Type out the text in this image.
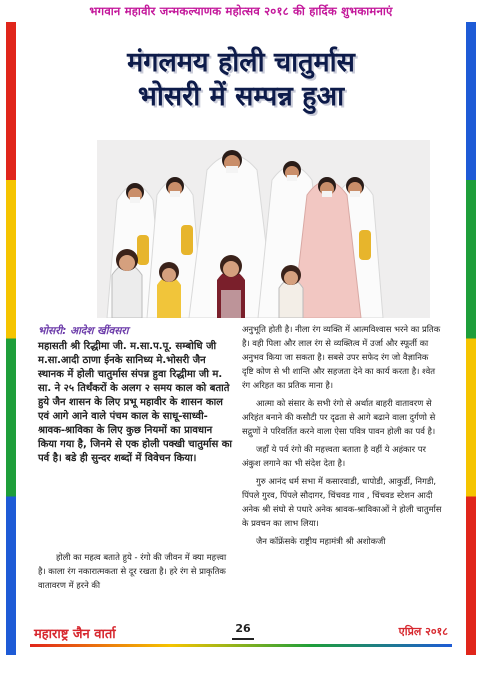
भगवान महावीर जन्मकल्याणक महोत्सव २०१८ की हार्दिक शुभकामनाएं
मंगलमय होली चातुर्मास
भोसरी में सम्पन्न हुआ
भोसरी: आदेश खींवसरा

महासती श्री रिद्धीमा जी. म.सा.प.पू. सम्बोधि जी म.सा.आदी ठाणा ईनके सानिध्य मे.भोसरी जैन स्थानक में होली चातुर्मास संपन्न हुवा रिद्धीमा जी म. सा. ने २५ तिर्थंकरों के अलग २ समय काल को बताते हुये जैन शासन के लिए प्रभू महावीर के शासन काल एवं आगे आने वाले पंचम काल के साधू-साध्वी-श्रावक-श्राविका के लिए कुछ नियमों का प्रावधान किया गया है, जिनमे से एक होली पक्खी चातुर्मास का पर्व है। बडे ही सुन्दर शब्दों में विवेचन किया।

होली का महत्व बताते हुये - रंगो की जीवन में क्या महत्त्वा है। काला रंग नकारात्मकता से दूर रखता है। हरे रंग से प्राकृतिक वातावरण में हरने की

अनुभूति होती है। नीला रंग व्यक्ति में आत्मविश्वास भरने का प्रतिक है। वही पिला और लाल रंग से व्यक्तित्व में उर्जा और स्फूर्ती का अनुभव किया जा सकता है। सबसे उपर सफेद रंग जो वैज्ञानिक दृष्टि कोण से भी शान्ति और सहजता देने का कार्य करता है। श्वेत रंग अरिहत का प्रतिक माना है।

आत्मा को संसार के सभी रंगो से अर्थात बाहरी वातावरण से अरिहंत बनाने की कसौटी पर दृढता से आगे बढाने वाला दुर्गणो से सद्गुणों ने परिवर्तित करने वाला ऐसा पवित्र पावन होली का पर्व है।

जहाँ ये पर्व रंगो की महत्त्वता बताता है वहीं ये अहंकार पर अंकुश लगाने का भी संदेश देता है।

गुरु आनंद धर्म सभा में कसारवाडी, धापोडी, आकुर्डी, निगडी, पिंपले गुरव, पिंपले सौदागर, चिंचवड गाव , चिंचवड स्टेशन आदी अनेक श्री संघो से पधारे अनेक श्रावक-श्राविकाओं ने होली चातुर्मास के प्रवचन का लाभ लिया।

जैन कॉफ्रेंसके राष्ट्रीय महामंत्री श्री अशोकजी

महाराष्ट्र जैन वार्ता	26	एप्रिल २०१८
